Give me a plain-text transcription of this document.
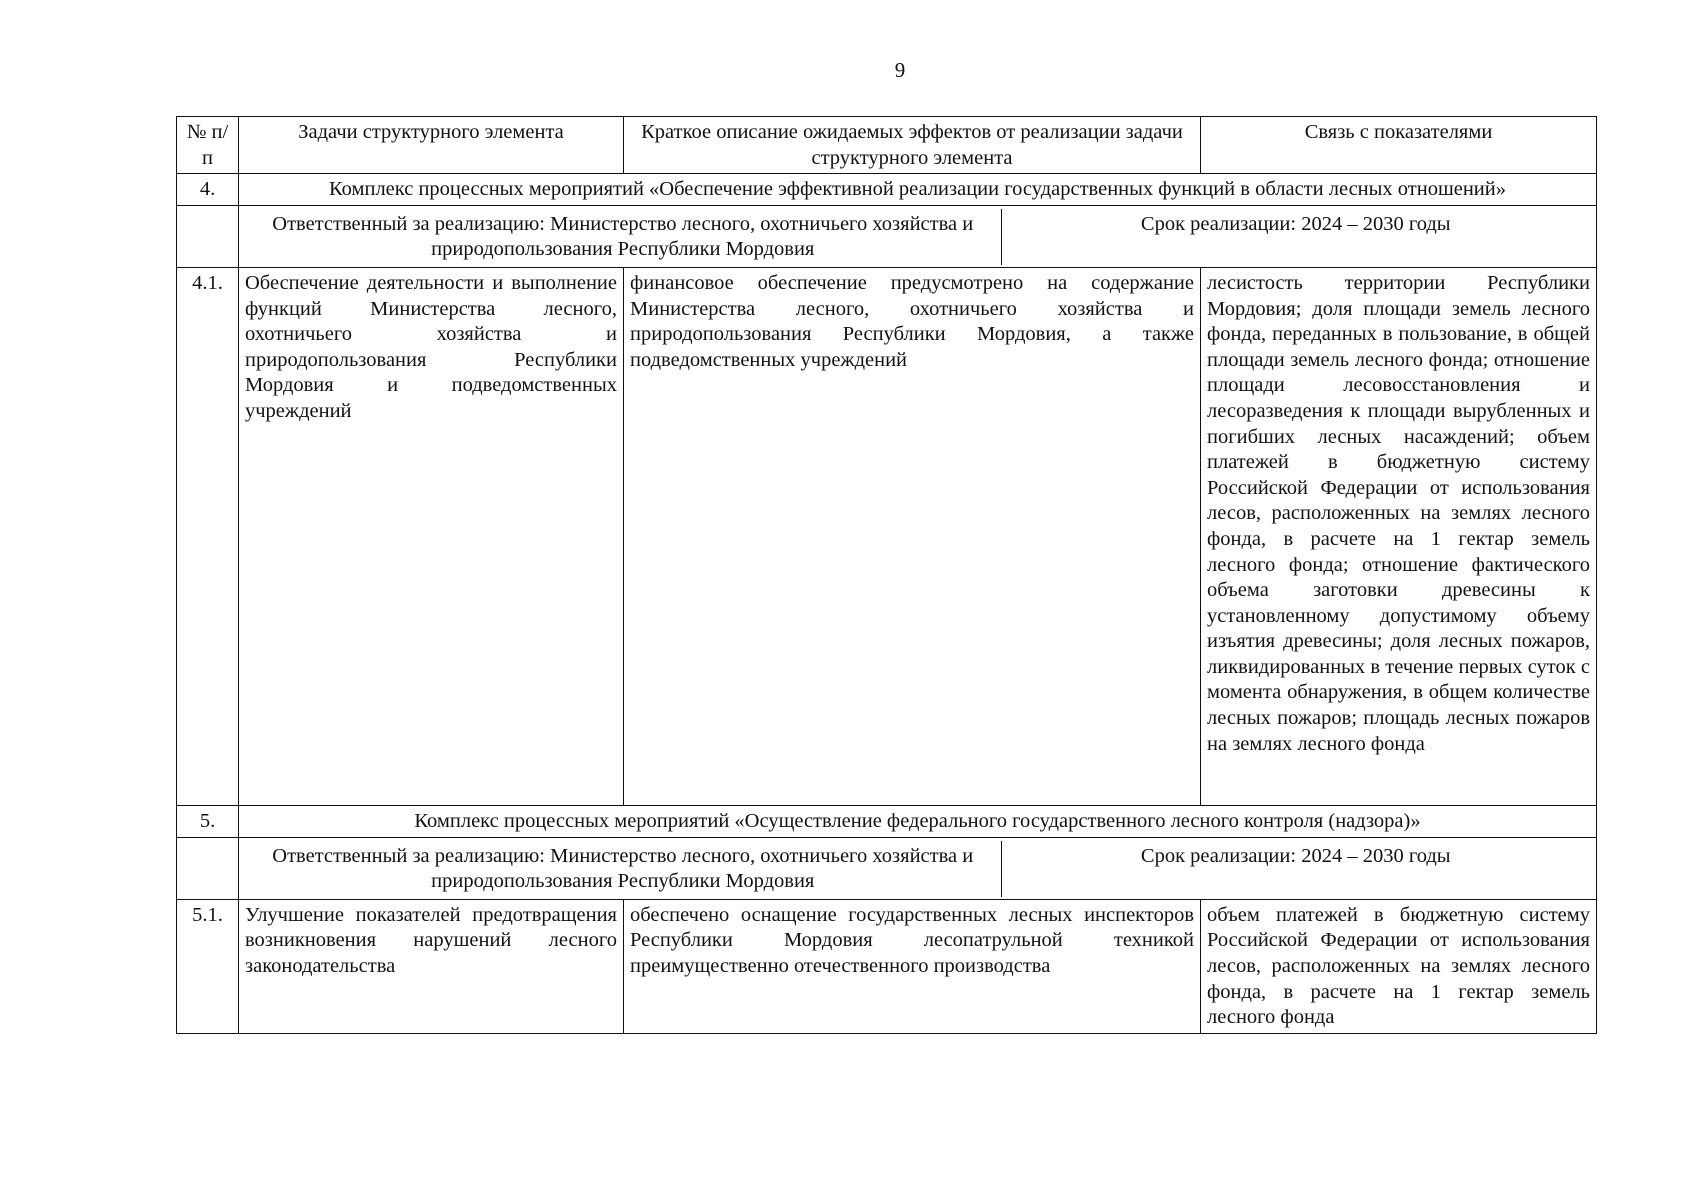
9
№ п/п	Задачи структурного элемента	Краткое описание ожидаемых эффектов от реализации задачи структурного элемента	Связь с показателями
4.	Комплекс процессных мероприятий «Обеспечение эффективной реализации государственных функций в области лесных отношений»

Ответственный за реализацию: Министерство лесного, охотничьего хозяйства и природопользования Республики Мордовия	Срок реализации: 2024 – 2030 годы

4.1.	Обеспечение деятельности и выполнение функций Министерства лесного, охотничьего хозяйства и природопользования Республики Мордовия и подведомственных учреждений	финансовое обеспечение предусмотрено на содержание Министерства лесного, охотничьего хозяйства и природопользования Республики Мордовия, а также подведомственных учреждений	лесистость территории Республики Мордовия; доля площади земель лесного фонда, переданных в пользование, в общей площади земель лесного фонда; отношение площади лесовосстановления и лесоразведения к площади вырубленных и погибших лесных насаждений; объем платежей в бюджетную систему Российской Федерации от использования лесов, расположенных на землях лесного фонда, в расчете на 1 гектар земель лесного фонда; отношение фактического объема заготовки древесины к установленному допустимому объему изъятия древесины; доля лесных пожаров, ликвидированных в течение первых суток с момента обнаружения, в общем количестве лесных пожаров; площадь лесных пожаров на землях лесного фонда
5.	Комплекс процессных мероприятий «Осуществление федерального государственного лесного контроля (надзора)»

Ответственный за реализацию: Министерство лесного, охотничьего хозяйства и природопользования Республики Мордовия	Срок реализации: 2024 – 2030 годы

5.1.	Улучшение показателей предотвращения возникновения нарушений лесного законодательства	обеспечено оснащение государственных лесных инспекторов Республики Мордовия лесопатрульной техникой преимущественно отечественного производства	объем платежей в бюджетную систему Российской Федерации от использования лесов, расположенных на землях лесного фонда, в расчете на 1 гектар земель лесного фонда
